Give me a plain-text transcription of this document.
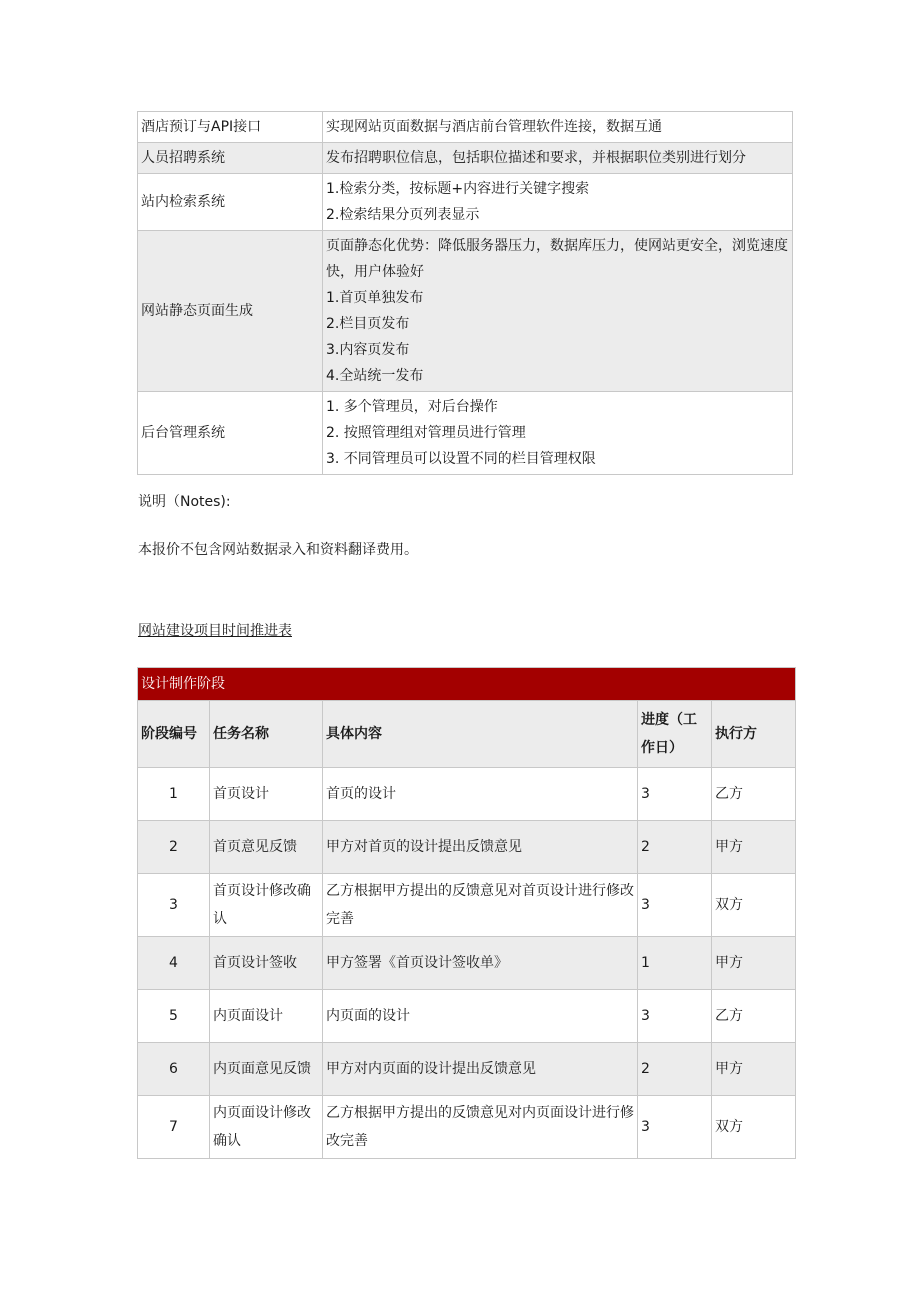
酒店预订与API接口	实现网站页面数据与酒店前台管理软件连接，数据互通

人员招聘系统	发布招聘职位信息，包括职位描述和要求，并根据职位类别进行划分

站内检索系统	1.检索分类，按标题+内容进行关键字搜索
2.检索结果分页列表显示

网站静态页面生成	页面静态化优势：降低服务器压力，数据库压力，使网站更安全，浏览速度快，用户体验好
1.首页单独发布
2.栏目页发布
3.内容页发布
4.全站统一发布

后台管理系统	1. 多个管理员，对后台操作
2. 按照管理组对管理员进行管理
3. 不同管理员可以设置不同的栏目管理权限
说明（Notes):
本报价不包含网站数据录入和资料翻译费用。
网站建设项目时间推进表
设计制作阶段				
阶段编号	任务名称	具体内容	进度（工作日）	执行方
1	首页设计	首页的设计	3	乙方
2	首页意见反馈	甲方对首页的设计提出反馈意见	2	甲方
3	首页设计修改确认	乙方根据甲方提出的反馈意见对首页设计进行修改完善	3	双方
4	首页设计签收	甲方签署《首页设计签收单》	1	甲方
5	内页面设计	内页面的设计	3	乙方
6	内页面意见反馈	甲方对内页面的设计提出反馈意见	2	甲方
7	内页面设计修改确认	乙方根据甲方提出的反馈意见对内页面设计进行修改完善	3	双方
